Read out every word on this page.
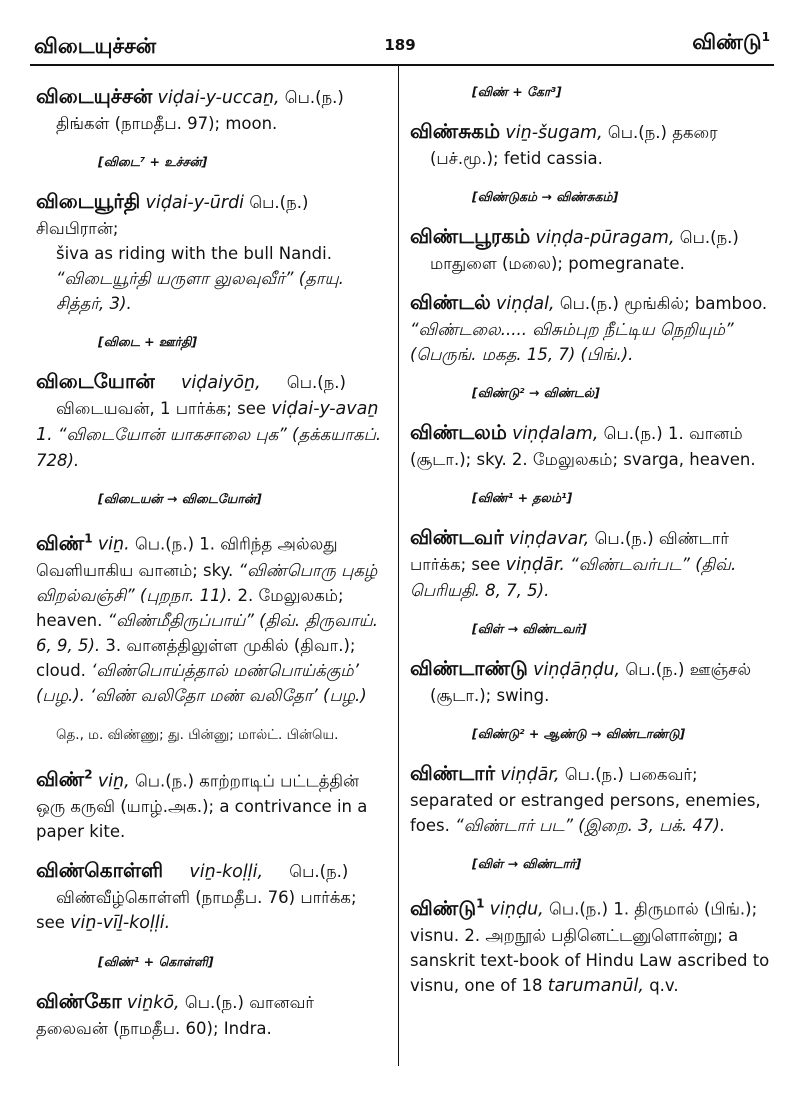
விடையுச்சன்	189	விண்டு$^1$

விடையுச்சன் viḍai-y-uccaṉ, பெ.(ந.)
திங்கள் (நாமதீப. 97); moon.

[விடை⁷ + உச்சன்]

விடையூர்தி viḍai-y-ūrdi பெ.(ந.) சிவபிரான்;
šiva as riding with the bull Nandi.
“விடையூர்தி யருளா லுலவுவீர்” (தாயு. சித்தர், 3).

[விடை + ஊர்தி]

விடையோன் viḍaiyōṉ, பெ.(ந.)
விடையவன், 1 பார்க்க; see viḍai-y-avaṉ 1. “விடையோன் யாகசாலை புக” (தக்கயாகப். 728).

[விடையன் → விடையோன்]

விண்$^1$ viṉ. பெ.(ந.) 1. விரிந்த அல்லது வெளியாகிய வானம்; sky. “விண்பொரு புகழ் விறல்வஞ்சி” (புறநா. 11). 2. மேலுலகம்; heaven. “விண்மீதிருப்பாய்” (திவ். திருவாய். 6, 9, 5). 3. வானத்திலுள்ள முகில் (திவா.); cloud. ‘விண்பொய்த்தால் மண்பொய்க்கும்’ (பழ.). ‘விண் வலிதோ மண் வலிதோ’ (பழ.)

தெ., ம. விண்ணு; து. பின்னு; மால்ட். பின்யெ.

விண்$^2$ viṉ, பெ.(ந.) காற்றாடிப் பட்டத்தின் ஒரு கருவி (யாழ்.அக.); a contrivance in a paper kite.

விண்கொள்ளி viṉ-koḷḷi, பெ.(ந.)
விண்வீழ்கொள்ளி (நாமதீப. 76) பார்க்க; see viṉ-vīḻ-koḷḷi.

[விண்¹ + கொள்ளி]

விண்கோ viṉkō, பெ.(ந.) வானவர் தலைவன் (நாமதீப. 60); Indra.

[விண் + கோ³]

விண்சுகம் viṉ-šugam, பெ.(ந.) தகரை
(பச்.மூ.); fetid cassia.

[விண்டுகம் → விண்சுகம்]

விண்டபூரகம் viṇḍa-pūragam, பெ.(ந.)
மாதுளை (மலை); pomegranate.

விண்டல் viṇḍal, பெ.(ந.) மூங்கில்; bamboo. “விண்டலை..... விசும்புற நீட்டிய நெறியும்” (பெருங். மகத. 15, 7) (பிங்.).

[விண்டு² → விண்டல்]

விண்டலம் viṇḍalam, பெ.(ந.) 1. வானம் (சூடா.); sky. 2. மேலுலகம்; svarga, heaven.

[விண்¹ + தலம்¹]

விண்டவர் viṇḍavar, பெ.(ந.) விண்டார் பார்க்க; see viṇḍār. “விண்டவர்பட” (திவ். பெரியதி. 8, 7, 5).

[விள் → விண்டவர்]

விண்டாண்டு viṇḍāṇḍu, பெ.(ந.) ஊஞ்சல்
(சூடா.); swing.

[விண்டு² + ஆண்டு → விண்டாண்டு]

விண்டார் viṇḍār, பெ.(ந.) பகைவர்; separated or estranged persons, enemies, foes. “விண்டார் பட” (இறை. 3, பக். 47).

[விள் → விண்டார்]

விண்டு$^1$ viṇḍu, பெ.(ந.) 1. திருமால் (பிங்.); visnu. 2. அறநூல் பதினெட்டனுளொன்று; a sanskrit text-book of Hindu Law ascribed to visnu, one of 18 tarumanūl, q.v.
